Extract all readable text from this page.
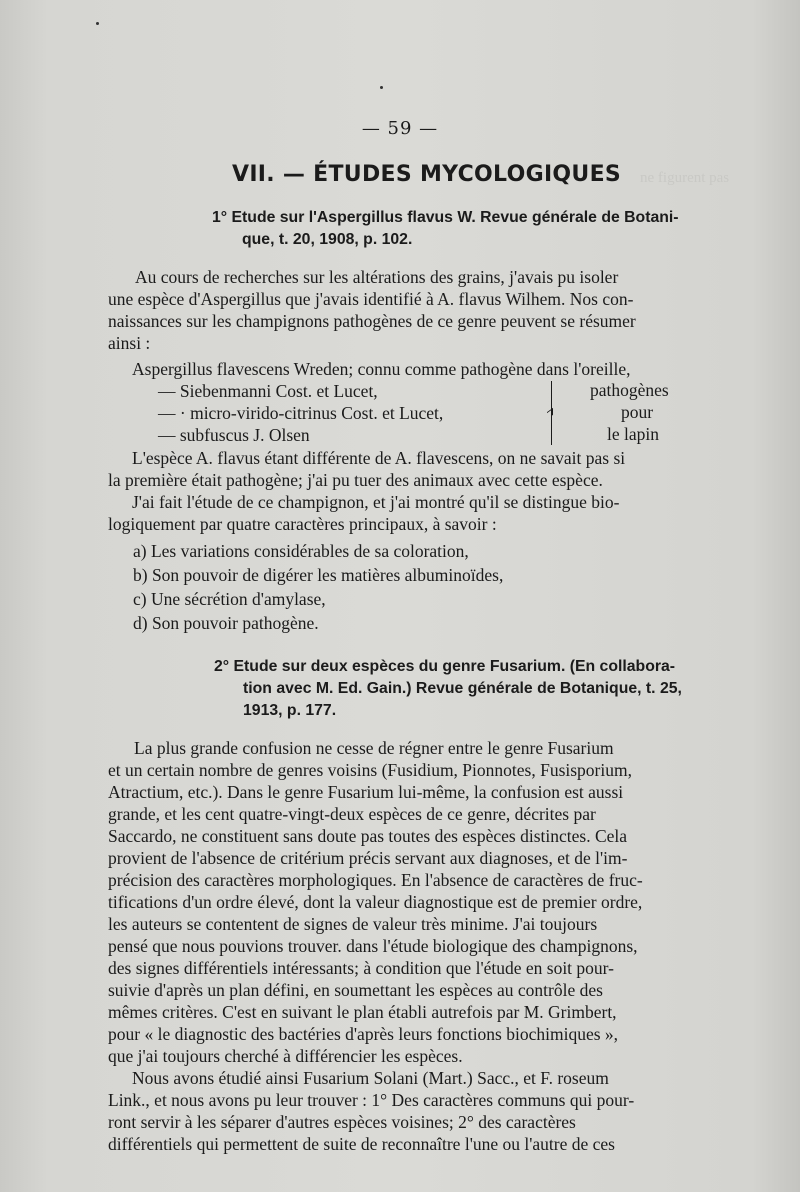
ne figurent pas
— 59 —
VII. — ÉTUDES MYCOLOGIQUES
1° Etude sur l'Aspergillus flavus W. Revue générale de Botani-
que, t. 20, 1908, p. 102.
Au cours de recherches sur les altérations des grains, j'avais pu isoler
une espèce d'Aspergillus que j'avais identifié à A. flavus Wilhem. Nos con-
naissances sur les champignons pathogènes de ce genre peuvent se résumer
ainsi :
Aspergillus flavescens Wreden; connu comme pathogène dans l'oreille,
— Siebenmanni Cost. et Lucet,
— · micro-virido-citrinus Cost. et Lucet,
— subfuscus J. Olsen
pathogènes
pour
le lapin
L'espèce A. flavus étant différente de A. flavescens, on ne savait pas si
la première était pathogène; j'ai pu tuer des animaux avec cette espèce.
J'ai fait l'étude de ce champignon, et j'ai montré qu'il se distingue bio-
logiquement par quatre caractères principaux, à savoir :
a) Les variations considérables de sa coloration,
b) Son pouvoir de digérer les matières albuminoïdes,
c) Une sécrétion d'amylase,
d) Son pouvoir pathogène.
2° Etude sur deux espèces du genre Fusarium. (En collabora-
tion avec M. Ed. Gain.) Revue générale de Botanique, t. 25,
1913, p. 177.
La plus grande confusion ne cesse de régner entre le genre Fusarium
et un certain nombre de genres voisins (Fusidium, Pionnotes, Fusisporium,
Atractium, etc.). Dans le genre Fusarium lui-même, la confusion est aussi
grande, et les cent quatre-vingt-deux espèces de ce genre, décrites par
Saccardo, ne constituent sans doute pas toutes des espèces distinctes. Cela
provient de l'absence de critérium précis servant aux diagnoses, et de l'im-
précision des caractères morphologiques. En l'absence de caractères de fruc-
tifications d'un ordre élevé, dont la valeur diagnostique est de premier ordre,
les auteurs se contentent de signes de valeur très minime. J'ai toujours
pensé que nous pouvions trouver. dans l'étude biologique des champignons,
des signes différentiels intéressants; à condition que l'étude en soit pour-
suivie d'après un plan défini, en soumettant les espèces au contrôle des
mêmes critères. C'est en suivant le plan établi autrefois par M. Grimbert,
pour « le diagnostic des bactéries d'après leurs fonctions biochimiques »,
que j'ai toujours cherché à différencier les espèces.
Nous avons étudié ainsi Fusarium Solani (Mart.) Sacc., et F. roseum
Link., et nous avons pu leur trouver : 1° Des caractères communs qui pour-
ront servir à les séparer d'autres espèces voisines; 2° des caractères
différentiels qui permettent de suite de reconnaître l'une ou l'autre de ces
